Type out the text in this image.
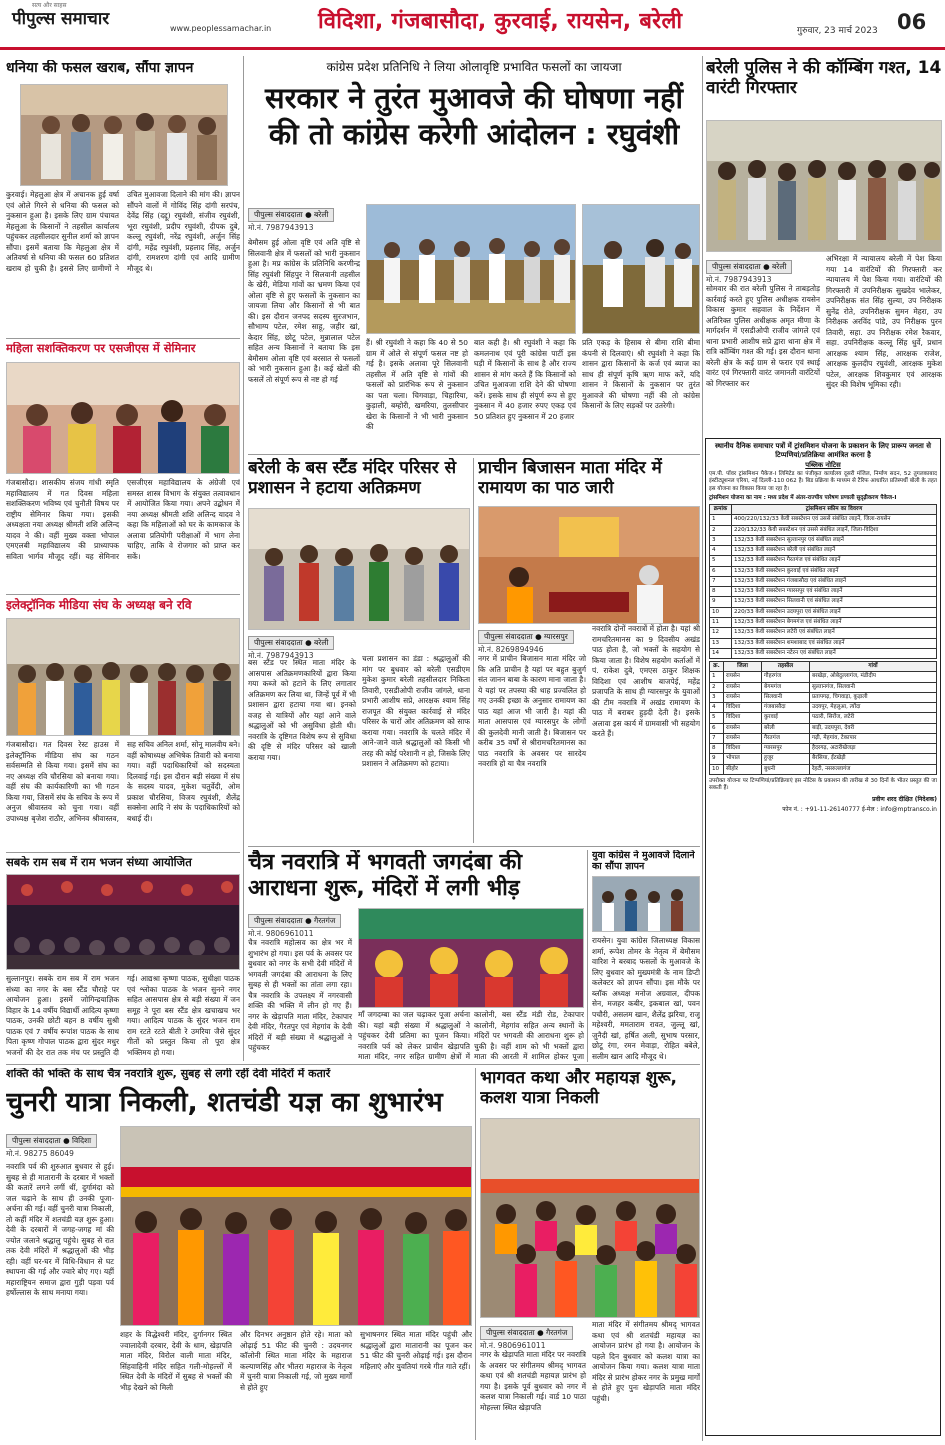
सत्य और साहस
पीपुल्स समाचार	www.peoplessamachar.in विदिशा, गंजबासौदा, कुरवाई, रायसेन, बरेली	गुरुवार, 23 मार्च 2023 06
धनिया की फसल खराब, सौंपा ज्ञापन
कुरवाई। मेहलुआ क्षेत्र में अचानक हुई वर्षा एवं ओले गिरने से धनिया की फसल को नुकसान हुआ है। इसके लिए ग्राम पंचायत मेहलुआ के किसानों ने तहसील कार्यालय पहुंचकर तहसीलदार सुनील शर्मा को ज्ञापन सौंपा। इसमें बताया कि मेहलुआ क्षेत्र में अतिवर्षा से धनिया की फसल 60 प्रतिशत खराब हो चुकी है। इससे लिए ग्रामीणों ने उचित मुआवजा दिलाने की मांग की। ज्ञापन सौंपने वालों में गोविंद सिंह दांगी सरपंच, देवेंद्र सिंह (दद्दू) रघुवंशी, संजीव रघुवंशी, भूरा रघुवंशी, प्रदीप रघुवंशी, दीपक दुबे, कल्लू रघुवंशी, नरेंद्र रघुवंशी, अर्जुन सिंह दांगी, महेंद्र रघुवंशी, प्रहलाद सिंह, अर्जुन दांगी, रामशरण दांगी एवं आदि ग्रामीण मौजूद थे।
महिला सशक्तिकरण पर एसजीएस में सेमिनार
गंजबासौदा। शासकीय संजय गांधी स्मृति महाविद्यालय में गत दिवस महिला सशक्तिकरण भविष्य एवं चुनौती विषय पर राष्ट्रीय सेमिनार किया गया। इसकी अध्यक्षता नया अध्यक्ष श्रीमती शशि अलिन्द यादव ने की। वहीं मुख्य वक्ता भोपाल एमएलबी महाविद्यालय की प्राध्यापक सविता भार्गव मौजूद रहीं। यह सेमिनार एसजीएस महाविद्यालय के अंग्रेजी एवं समस्त शास्त्र विभाग के संयुक्त तत्वावधान में आयोजित किया गया। अपने उद्बोधन में नया अध्यक्ष श्रीमती शशि अलिन्द यादव ने कहा कि महिलाओं को घर के कामकाज के अलावा प्रतियोगी परीक्षाओं में भाग लेना चाहिए, ताकि वे रोजगार को प्राप्त कर सकें।
इलेक्ट्रॉनिक मीडिया संघ के अध्यक्ष बने रवि
गंजबासौदा। गत दिवस रेस्ट हाउस में इलेक्ट्रॉनिक मीडिया संघ का गठन सर्वसम्मति से किया गया। इसमें संघ का नए अध्यक्ष रवि चौरसिया को बनाया गया। वहीं संघ की कार्यकारिणी का भी गठन किया गया, जिसमें संघ के सचिव के रूप में अनुज श्रीवास्तव को चुना गया। वहीं उपाध्यक्ष बृजेश राठौर, अभिनव श्रीवास्तव, सह सचिव अनिल शर्मा, सोनू मालवीय बने। वहीं कोषाध्यक्ष अभिषेक तिवारी को बनाया गया। वहीं पदाधिकारियों को सदस्यता दिलवाई गई। इस दौरान बड़ी संख्या में संघ के सदस्य यादव, मुकेश चतुर्वेदी, ओम प्रकाश चौरसिया, विजय रघुवंशी, शैलेंद्र सक्सेना आदि ने संघ के पदाधिकारियों को बधाई दी।
सबके राम सब में राम भजन संध्या आयोजित
सुल्तानपुर। सबके राम सब में राम भजन संध्या का नगर के बस स्टैंड चौराहे पर आयोजन हुआ। इसमें जोगिन्द्रयाज्ञिक विहार के 14 वर्षीय विद्यार्थी आदित्य कृष्णा पाठक, उनकी छोटी बहन 8 वर्षीय सुश्री पाठक एवं 7 वर्षीय रूपांश पाठक के साथ पिता कृष्ण गोपाल पाठक द्वारा सुंदर मधुर भजनों की देर रात तक मंच पर प्रस्तुति दी गई। आद्यश्रा कृष्णा पाठक, सुधीक्षा पाठक एवं श्लोका पाठक के भजन सुनने नगर सहित आसपास क्षेत्र से बड़ी संख्या में जन समूह ने पूरा बस स्टैंड क्षेत्र खचाखच भर गया। आदित्य पाठक के सुंदर भजन राम राम रटते रटते बीती रे उमरिया जैसे सुंदर गीतों को प्रस्तुत किया तो पूरा क्षेत्र भक्तिमय हो गया।
कांग्रेस प्रदेश प्रतिनिधि ने लिया ओलावृष्टि प्रभावित फसलों का जायजा
सरकार ने तुरंत मुआवजे की घोषणा नहीं की तो कांग्रेस करेगी आंदोलन : रघुवंशी
पीपुल्स संवाददाता ● बरेली
मो.नं. 7987943913
बेमौसम हुई ओला वृष्टि एवं अति वृष्टि से सिलवानी क्षेत्र में फसलों को भारी नुकसान हुआ है। मप्र कांग्रेस के प्रतिनिधि करणीन्द्र सिंह रघुवंशी सिंहपुर ने सिलवानी तहसील के खेरी, मेडिया गांवों का भ्रमण किया एवं ओला वृष्टि से हुए फसलों के नुकसान का जायजा लिया और किसानों से भी बात की। इस दौरान जनपद सदस्य सुरजभान, सौभाग्य पटेल, रमेश साहू, जहीर खां, केदार सिंह, छोटू पटेल, मुन्नालाल पटेल सहित अन्य किसानों ने बताया कि इस बेमौसम ओला वृष्टि एवं बरसात से फसलों को भारी नुकसान हुआ है। कई खेतों की फसलें तो संपूर्ण रूप से नष्ट हो गई
हैं। श्री रघुवंशी ने कहा कि 40 से 50 ग्राम में ओले से संपूर्ण फसल नष्ट हो गई है। इसके अलावा पूरे सिलवानी तहसील में अति वृष्टि से गांवों की फसलों को प्रारंभिक रूप से नुकसान का पता चला। चिगवाड़ा, चिहारिया, कुड़ाली, बम्होरी, खमरिया, तुलसीपार खेरा के किसानों ने भी भारी नुकसान की
बात कही है। श्री रघुवंशी ने कहा कि कमलनाथ एवं पूरी कांग्रेस पार्टी इस घड़ी में किसानों के साथ है और राज्य शासन से मांग करते हैं कि किसानों को उचित मुआवजा राशि देने की घोषणा करें। इसके साथ ही संपूर्ण रूप से हुए नुकसान में 40 हजार रुपए एकड़ एवं 50 प्रतिशत हुए नुकसान में 20 हजार
प्रति एकड़ के हिसाब से बीमा राशि बीमा कंपनी से दिलवाएं। श्री रघुवंशी ने कहा कि शासन द्वारा किसानों के कर्ज एवं ब्याज का साथ ही संपूर्ण कृषि ऋण माफ करें, यदि शासन ने किसानों के नुकसान पर तुरंत मुआवजे की घोषणा नहीं की तो कांग्रेस किसानों के लिए सड़कों पर उतरेगी।
बरेली के बस स्टैंड मंदिर परिसर से प्रशासन ने हटाया अतिक्रमण
पीपुल्स संवाददाता ● बरेली
मो.नं. 7987943913
बस स्टैंड पर स्थित माता मंदिर के आसपास अतिक्रमणकारियों द्वारा किया गया कब्जे को हटाने के लिए लगातार अतिक्रमण कर लिया था, जिन्हें पूर्व में भी प्रशासन द्वारा हटाया गया था। इनको वजह से यात्रियों और यहां आने वाले श्रद्धालुओं को भी असुविधा होती थी। नवरात्रि के दृष्टिगत विशेष रूप से सुविधा की दृष्टि से मंदिर परिसर को खाली कराया गया।
चला प्रशासन का डंडा : श्रद्धालुओं की मांग पर बुधवार को बरेली एसडीएम मुकेश कुमार बरेली तहसीलदार निकिता तिवारी, एसडीओपी राजीव जांगले, थाना प्रभारी आशीष सप्रे, आरक्षक श्याम सिंह राजपूत की संयुक्त कार्रवाई से मंदिर परिसर के चारों ओर अतिक्रमण को साफ कराया गया। नवरात्रि के चलते मंदिर में आने-जाने वाले श्रद्धालुओं को किसी भी तरह की कोई परेशानी न हो, जिसके लिए प्रशासन ने अतिक्रमण को हटाया।
प्राचीन बिजासन माता मंदिर में रामायण का पाठ जारी
पीपुल्स संवाददाता ● ग्यारसपुर
मो.नं. 8269894946
नगर में प्राचीन बिजासन माता मंदिर जो कि अति प्राचीन है यहां पर बहुत बुजुर्ग संत जानन बाबा के कारण माना जाता है। ये यहां पर तपस्या की थाह प्रज्वलित हो गए उनकी इच्छा के अनुसार रामायण का पाठ यहां आज भी जारी है। यहां की माता आसपास एवं ग्यारसपुर के लोगों की कुलदेवी मानी जाती है। बिजासन पर करीब 35 वर्षों से श्रीरामचरितमानस का पाठ नवरात्रि के अवसर पर सारदेय नवरात्रि हो या चैत्र नवरात्रि
नवरात्रि दोनों नवरात्रों में होता है। यहां श्री रामचरितमानस का 9 दिवसीय अखंड पाठ होता है, जो भक्तों के सहयोग से किया जाता है। विशेष सहयोग कर्ताओं में पं. राकेश दुबे, एमएस ठाकुर शिक्षक विदिशा एवं आशीष बाजपेई, महेंद्र प्रजापति के साथ ही ग्यारसपुर के युवाओं की टीम नवरात्रि में अखंड रामायण के पाठ में बराबर हुड़दी देती है। इसके अलावा इस कार्य में ग्रामवासी भी सहयोग करते हैं।
चैत्र नवरात्रि में भगवती जगदंबा की आराधना शुरू, मंदिरों में लगी भीड़
पीपुल्स संवाददाता ● गैरतगंज
मो.नं. 9806961011
चैत्र नवरात्रि महोत्सव का क्षेत्र भर में शुभारंभ हो गया। इस पर्व के अवसर पर बुधवार को नगर के सभी देवी मंदिरों में भगवती जगदंबा की आराधना के लिए सुबह से ही भक्तों का तांता लगा रहा। चैत्र नवरात्रि के उपलक्ष्य में नगरवासी शक्ति की भक्ति में लीन हो गए हैं। नगर के खेड़ापति माता मंदिर, टेकापार देवी मंदिर, गैरतपुर एवं मेहगांव के देवी मंदिरों में बड़ी संख्या में श्रद्धालुओं ने पहुंचकर
माँ जगदम्बा का जल चढ़ाकर पूजा अर्चना की। यहां बड़ी संख्या में श्रद्धालुओं ने पहुंचकर देवी प्रतिमा का पूजन किया। नवरात्रि पर्व को लेकर प्राचीन खेड़ापति माता मंदिर, नगर सहित ग्रामीण क्षेत्रों में
कालोनी, बस स्टैंड मंडी रोड, टेकापार कालोनी, मेहगांव सहित अन्य स्थानों के मंदिरों पर भगवती की आराधना शुरू हो चुकी है। वहीं शाम को भी भक्तों द्वारा माता की आरती में शामिल होकर पूजा
युवा कांग्रेस ने मुआवजे दिलाने का सौंपा ज्ञापन
रायसेन। युवा कांग्रेस जिलाध्यक्ष विकास शर्मा, रूपेश तोमर के नेतृत्व में बेमौसम वारिश ने बरबाद फसलों के मुआवजे के लिए बुधवार को मुख्यमंत्री के नाम डिप्टी कलेक्टर को ज्ञापन सौंपा। इस मौके पर ब्लॉक अध्यक्ष मनोज अग्रवाल, दीपक सेन, मजहर कबीर, इकबाल खां, पवन पचौरी, असलम खान, शैलेंद्र झरिया, राजू महेश्वरी, ममताराम रावत, जुल्लू खां, जुनैदी खां, हर्षित अली, सुभाष परसार, छोटू रंगा, रमन मेवाड़ा, रोहित बबेले, सलीम खान आदि मौजूद थे।
बरेली पुलिस ने की कॉम्बिंग गश्त, 14 वारंटी गिरफ्तार
पीपुल्स संवाददाता ● बरेली
मो.नं. 7987943913
सोमवार की रात बरेली पुलिस ने ताबड़तोड़ कार्रवाई करते हुए पुलिस अधीक्षक रायसेन विकास कुमार सहवाल के निर्देशन में अतिरिक्त पुलिस अधीक्षक अमृत मीणा के मार्गदर्शन में एसडीओपी राजीव जांगले एवं थाना प्रभारी आशीष सप्रे द्वारा थाना क्षेत्र में रात्रि कॉम्बिंग गश्त की गई। इस दौरान थाना बरेली क्षेत्र के कई ग्राम से फरार एवं स्थाई वारंट एवं गिरफ्तारी वारंट जमानती वारंटियों को गिरफ्तार कर
अभिरक्षा में न्यायालय बरेली में पेश किया गया 14 वारंटियों की गिरफ्तारी कर न्यायालय में पेश किया गया। वारंटियों की गिरफ्तारी में उपनिरीक्षक सुखदेव भालेकर, उपनिरीक्षक संत सिंह सुल्या, उप निरीक्षक सुनेंद्र रोते, उपनिरीक्षक सुमन मेहरा, उप निरीक्षक अरविंद पांडे, उप निरीक्षक पुरन तिवारी, सहा. उप निरीक्षक रमेश रैकवार, सहा. उपनिरीक्षक कल्लू सिंह धुर्वे, प्रधान आरक्षक श्याम सिंह, आरक्षक राजेश, आरक्षक कुलदीप रघुवंशी, आरक्षक मुकेश पटेल, आरक्षक शिवकुमार एवं आरक्षक सुंदर की विशेष भूमिका रही।
स्थानीय दैनिक समाचार पत्रों में ट्रांसमिशन योजना के प्रकाशन के लिए प्रारूप जनता से टिप्पणियां/प्रतिक्रिया आमंत्रित करना है
पब्लिक नोटिस
एम.पी. पॉवर ट्रांसमिशन पैकेज-I लिमिटेड का पंजीकृत कार्यालय दूसरी मंजिल, निर्माण सदन, 52 तुगलकाबाद इंस्टीट्यूशनल एरिया, नई दिल्ली-110 062 है। बिड प्रक्रिया के माध्यम से टैरिफ आधारित प्रतिस्पर्धी बोली के तहत इस योजना का विकास किया जा रहा है।
ट्रांसमिशन योजना का नाम : मध्य प्रदेश में अंतर-राज्यीय पारेषण प्रणाली सुदृढ़ीकरण पैकेज-I
क्रमांक	ट्रांसमिशन स्कीम का विवरण
1	400/220/132/33 केवी सबस्टेशन एवं उससे संबंधित लाइनें, जिला-रायसेन
2	220/132/33 केवी सबस्टेशन एवं उससे संबंधित लाइनें, जिला-विदिशा
3	132/33 केवी सबस्टेशन सुल्तानपुर एवं संबंधित लाइनें
4	132/33 केवी सबस्टेशन बरेली एवं संबंधित लाइनें
5	132/33 केवी सबस्टेशन गैरतगंज एवं संबंधित लाइनें
6	132/33 केवी सबस्टेशन कुरवाई एवं संबंधित लाइनें
7	132/33 केवी सबस्टेशन गंजबासौदा एवं संबंधित लाइनें
8	132/33 केवी सबस्टेशन ग्यारसपुर एवं संबंधित लाइनें
9	132/33 केवी सबस्टेशन सिलवानी एवं संबंधित लाइनें
10	220/33 केवी सबस्टेशन उदयपुरा एवं संबंधित लाइनें
11	132/33 केवी सबस्टेशन बेगमगंज एवं संबंधित लाइनें
12	132/33 केवी सबस्टेशन लटेरी एवं संबंधित लाइनें
13	132/33 केवी सबस्टेशन शमशाबाद एवं संबंधित लाइनें
14	132/33 केवी सबस्टेशन नटेरन एवं संबंधित लाइनें
क्र.	जिला	तहसील	गांवों
1	रायसेन	गौहरगंज	बरखेड़ा, ओबेदुल्लागंज, मंडीदीप
2	रायसेन	बेगमगंज	सुल्तानगंज, सिलवानी
3	रायसेन	सिलवानी	प्रतापगढ़, चिगवाड़ा, कुड़ाली
4	विदिशा	गंजबासौदा	उदयपुर, मेहलुआ, त्योंदा
5	विदिशा	कुरवाई	पठारी, सिरोंज, लटेरी
6	रायसेन	बरेली	बाड़ी, उदयपुरा, देवरी
7	रायसेन	गैरतगंज	गढ़ी, मेहगांव, टेकापार
8	विदिशा	ग्यारसपुर	हैदरगढ़, अटारीखेजड़ा
9	भोपाल	हुजूर	बैरसिया, ईंटखेड़ी
10	सीहोर	बुधनी	रेहटी, नसरुल्लागंज
उपरोक्त योजना पर टिप्पणियां/प्रतिक्रियाएं इस नोटिस के प्रकाशन की तारीख से 30 दिनों के भीतर प्रस्तुत की जा सकती हैं।
प्रवीण शरद दीक्षित (निदेशक)
फोन नं. : +91-11-26140777 ई-मेल : info@mptransco.in
शक्ति की भक्ति के साथ चैत्र नवरात्रि शुरू, सुबह से लगी रहीं देवी मंदिरों में कतारें
चुनरी यात्रा निकली, शतचंडी यज्ञ का शुभारंभ
पीपुल्स संवाददाता ● विदिशा
मो.नं. 98275 86049
नवरात्रि पर्व की शुरुआत बुधवार से हुई। सुबह से ही मातारानी के दरबार में भक्तों की कतारें लगने लगीं थीं, दुर्गामंदा को जल चढ़ाने के साथ ही उनकी पूजा-अर्चना की गई। वहीं चुनरी यात्रा निकाली, तो कहीं मंदिर में शतचंडी यज्ञ शुरू हुआ। देवी के दरबारों में जगह-जगह मां की ज्योत जलाने श्रद्धालु पहुंचे। सुबह से रात तक देवी मंदिरों में श्रद्धालुओं की भीड़ रही। वहीं घर-घर में विधि-विधान से घट स्थापना की गई और ज्वारे बोए गए। यहीं महाराष्ट्रियन समाज द्वारा गुड़ी पड़वा पर्व हर्षोल्लास के साथ मनाया गया।
शहर के विद्धेश्वरी मंदिर, दुर्गानगर स्थित ज्वालादेवी दरबार, देवी के धाम, खेड़ापति माता मंदिर, विरोल वाली माता मंदिर, सिंहवाहिनी मंदिर सहित गली-मोहल्लों में स्थित देवी के मंदिरों में सुबह से भक्तों की भीड़ देखने को मिली
और दिनभर अनुष्ठान होते रहे। माता को ओढ़ाई 51 फीट की चुनरी : उदयनगर कॉलोनी स्थित माता मंदिर के महाराज कल्याणसिंह और भीतरा महाराज के नेतृत्व में चुनरी यात्रा निकाली गई, जो मुख्य मार्गों से होते हुए
सुभाषनगर स्थित माता मंदिर पहुंची और श्रद्धालुओं द्वारा मातारानी का पूजन कर 51 फीट की चुनरी ओढ़ाई गई। इस दौरान महिलाएं और युवतियां गरबे गीत गाते रहीं।
भागवत कथा और महायज्ञ शुरू, कलश यात्रा निकली
पीपुल्स संवाददाता ● गैरतगंज
मो.नं. 9806961011
नगर के खेड़ापति माता मंदिर पर नवरात्रि के अवसर पर संगीतमय श्रीमद् भागवत कथा एवं श्री शतचंडी महायज्ञ प्रारंभ हो गया है। इसके पूर्व बुधवार को नगर में कलश यात्रा निकाली गई। वार्ड 10 पाठा मोहल्ला स्थित खेड़ापति
माता मंदिर में संगीतमय श्रीमद् भागवत कथा एवं श्री शतचंडी महायज्ञ का आयोजन प्रारंभ हो गया है। आयोजन के पहले दिन बुधवार को कलश यात्रा का आयोजन किया गया। कलश यात्रा माता मंदिर से प्रारंभ होकर नगर के प्रमुख मार्गों से होते हुए पुनः खेड़ापति माता मंदिर पहुंची।
